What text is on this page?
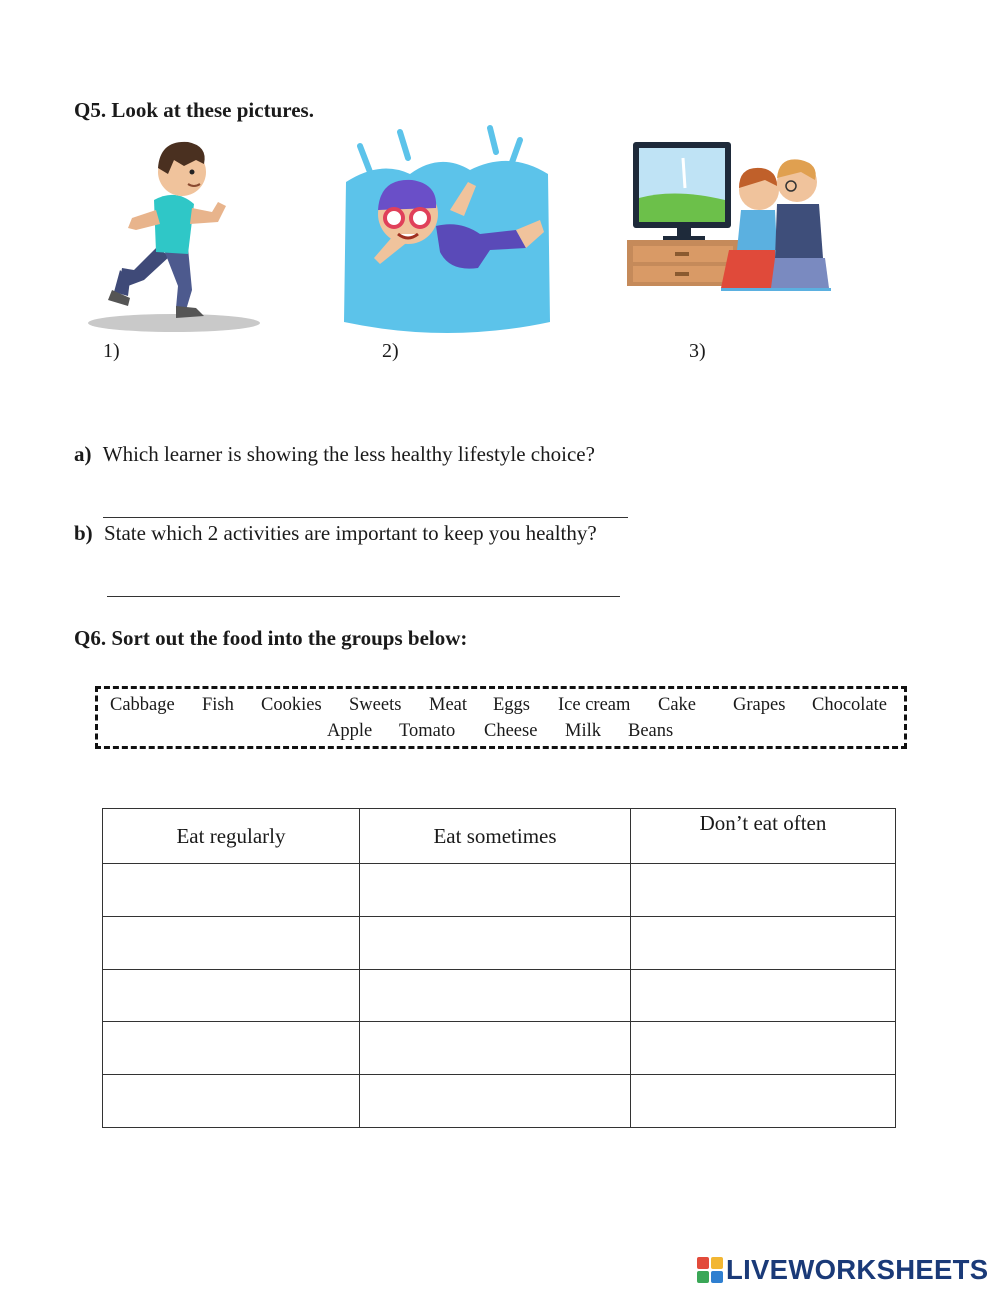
Q5. Look at these pictures.
1)	2)	3)
a) Which learner is showing the less healthy lifestyle choice?
b) State which 2 activities are important to keep you healthy?
Q6. Sort out the food into the groups below:
Cabbage Fish Cookies Sweets Meat Eggs Ice cream Cake Grapes Chocolate
Apple Tomato Cheese Milk Beans
Eat regularly	Eat sometimes	Don’t eat often

LIVEWORKSHEETS
